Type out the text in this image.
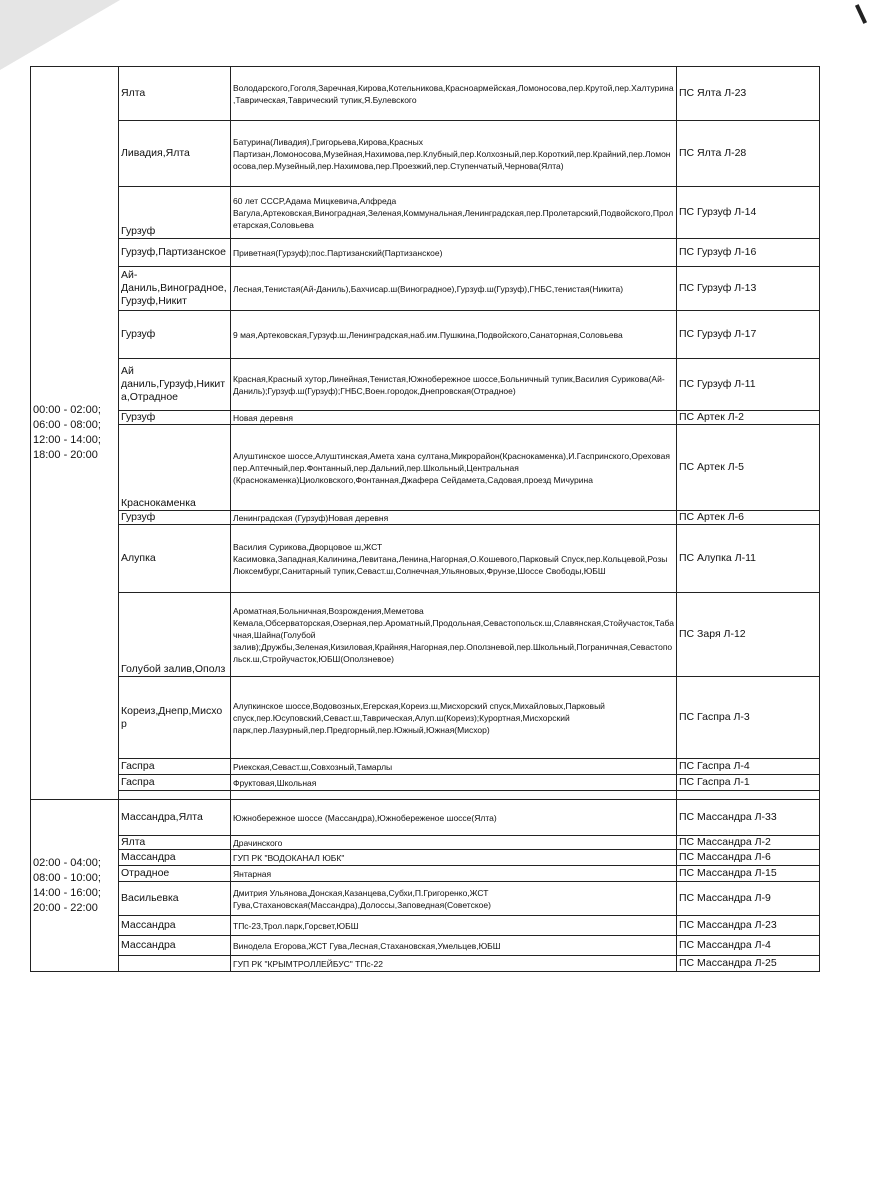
00:00 - 02:00;
06:00 - 08:00;
12:00 - 14:00;
18:00 - 20:00	Ялта	Володарского,Гоголя,Заречная,Кирова,Котельникова,Красноармейская,Ломоносова,пер.Крутой,пер.Халтурина,Таврическая,Таврический тупик,Я.Булевского	ПС Ялта Л-23
	Ливадия,Ялта	Батурина(Ливадия),Григорьева,Кирова,Красных Партизан,Ломоносова,Музейная,Нахимова,пер.Клубный,пер.Колхозный,пер.Короткий,пер.Крайний,пер.Ломоносова,пер.Музейный,пер.Нахимова,пер.Проезжий,пер.Ступенчатый,Чернова(Ялта)	ПС Ялта Л-28
	Гурзуф	60 лет СССР,Адама Мицкевича,Алфреда Вагула,Артековская,Виноградная,Зеленая,Коммунальная,Ленинградская,пер.Пролетарский,Подвойского,Пролетарская,Соловьева	ПС Гурзуф Л-14
	Гурзуф,Партизанское	Приветная(Гурзуф);пос.Партизанский(Партизанское)	ПС Гурзуф Л-16
	Ай-Даниль,Виноградное,Гурзуф,Никит	Лесная,Тенистая(Ай-Даниль),Бахчисар.ш(Виноградное),Гурзуф.ш(Гурзуф),ГНБС,тенистая(Никита)	ПС Гурзуф Л-13
	Гурзуф	9 мая,Артековская,Гурзуф.ш,Ленинградская,наб.им.Пушкина,Подвойского,Санаторная,Соловьева	ПС Гурзуф Л-17
	Ай даниль,Гурзуф,Никита,Отрадное	Красная,Красный хутор,Линейная,Тенистая,Южнобережное шоссе,Больничный тупик,Василия Сурикова(Ай-Даниль);Гурзуф.ш(Гурзуф);ГНБС,Воен.городок,Днепровская(Отрадное)	ПС Гурзуф Л-11
	Гурзуф	Новая деревня	ПС Артек Л-2
	Краснокаменка	Алуштинское шоссе,Алуштинская,Амета хана султана,Микрорайон(Краснокаменка),И.Гаспринского,Ореховая пер.Аптечный,пер.Фонтанный,пер.Дальний,пер.Школьный,Центральная (Краснокаменка)Циолковского,Фонтанная,Джафера Сейдамета,Садовая,проезд Мичурина	ПС Артек Л-5
	Гурзуф	Ленинградская (Гурзуф)Новая деревня	ПС Артек Л-6
	Алупка	Василия Сурикова,Дворцовое ш,ЖСТ Касимовка,Западная,Калинина,Левитана,Ленина,Нагорная,О.Кошевого,Парковый Спуск,пер.Кольцевой,Розы Люксембург,Санитарный тупик,Севаст.ш,Солнечная,Ульяновых,Фрунзе,Шоссе Свободы,ЮБШ	ПС Алупка Л-11
	Голубой залив,Ополз	Ароматная,Больничная,Возрождения,Меметова Кемала,Обсерваторская,Озерная,пер.Ароматный,Продольная,Севастопольск.ш,Славянская,Стойучасток,Табачная,Шайна(Голубой залив);Дружбы,Зеленая,Кизиловая,Крайняя,Нагорная,пер.Оползневой,пер.Школьный,Пограничная,Севастопольск.ш,Стройучасток,ЮБШ(Оползневое)	ПС Заря Л-12
	Кореиз,Днепр,Мисхор	Алупкинское шоссе,Водовозных,Егерская,Кореиз.ш,Мисхорский спуск,Михайловых,Парковый спуск,пер.Юсуповский,Севаст.ш,Таврическая,Алуп.ш(Кореиз);Курортная,Мисхорский парк,пер.Лазурный,пер.Предгорный,пер.Южный,Южная(Мисхор)	ПС Гаспра Л-3
	Гаспра	Риекская,Севаст.ш,Совхозный,Тамарлы	ПС Гаспра Л-4
	Гаспра	Фруктовая,Школьная	ПС Гаспра Л-1

02:00 - 04:00;
08:00 - 10:00;
14:00 - 16:00;
20:00 - 22:00	Массандра,Ялта	Южнобережное шоссе (Массандра),Южнобереженое шоссе(Ялта)	ПС Массандра Л-33
	Ялта	Драчинского	ПС Массандра Л-2
	Массандра	ГУП РК "ВОДОКАНАЛ ЮБК"	ПС Массандра Л-6
	Отрадное	Янтарная	ПС Массандра Л-15
	Васильевка	Дмитрия Ульянова,Донская,Казанцева,Субхи,П.Григоренко,ЖСТ Гува,Стахановская(Массандра),Долоссы,Заповедная(Советское)	ПС Массандра Л-9
	Массандра	ТПс-23,Трол.парк,Горсвет,ЮБШ	ПС Массандра Л-23
	Массандра	Винодела Егорова,ЖСТ Гува,Лесная,Стахановская,Умельцев,ЮБШ	ПС Массандра Л-4
		ГУП РК "КРЫМТРОЛЛЕЙБУС" ТПс-22	ПС Массандра Л-25
